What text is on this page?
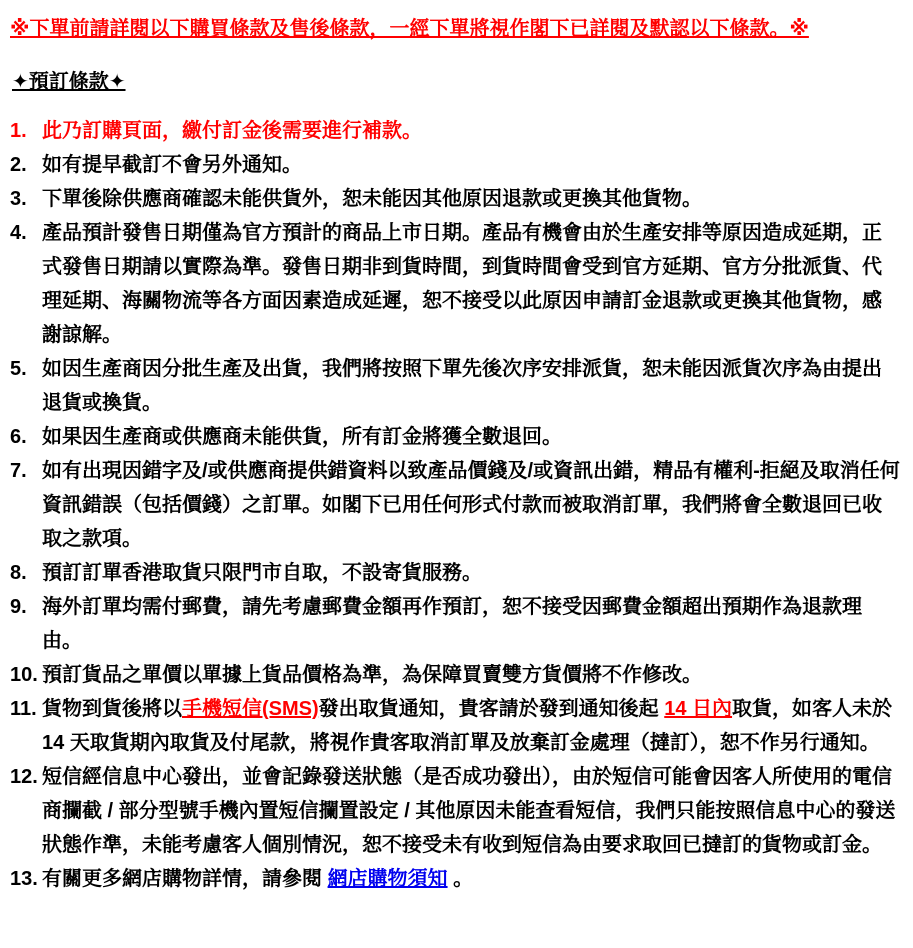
※下單前請詳閱以下購買條款及售後條款，一經下單將視作閣下已詳閱及默認以下條款。※
✦預訂條款✦
1. 此乃訂購頁面，繳付訂金後需要進行補款。
2. 如有提早截訂不會另外通知。
3. 下單後除供應商確認未能供貨外，恕未能因其他原因退款或更換其他貨物。
4. 產品預計發售日期僅為官方預計的商品上市日期。產品有機會由於生產安排等原因造成延期，正式發售日期請以實際為準。發售日期非到貨時間，到貨時間會受到官方延期、官方分批派貨、代理延期、海關物流等各方面因素造成延遲，恕不接受以此原因申請訂金退款或更換其他貨物，感謝諒解。
5. 如因生產商因分批生產及出貨，我們將按照下單先後次序安排派貨，恕未能因派貨次序為由提出退貨或換貨。
6. 如果因生產商或供應商未能供貨，所有訂金將獲全數退回。
7. 如有出現因錯字及/或供應商提供錯資料以致產品價錢及/或資訊出錯，精品有權利-拒絕及取消任何資訊錯誤（包括價錢）之訂單。如閣下已用任何形式付款而被取消訂單，我們將會全數退回已收取之款項。
8. 預訂訂單香港取貨只限門市自取，不設寄貨服務。
9. 海外訂單均需付郵費，請先考慮郵費金額再作預訂，恕不接受因郵費金額超出預期作為退款理由。
10. 預訂貨品之單價以單據上貨品價格為準，為保障買賣雙方貨價將不作修改。
11. 貨物到貨後將以手機短信(SMS)發出取貨通知，貴客請於發到通知後起 14 日內取貨，如客人未於 14 天取貨期內取貨及付尾款，將視作貴客取消訂單及放棄訂金處理（撻訂），恕不作另行通知。
12. 短信經信息中心發出，並會記錄發送狀態（是否成功發出），由於短信可能會因客人所使用的電信商攔截 / 部分型號手機內置短信攔置設定 / 其他原因未能查看短信，我們只能按照信息中心的發送狀態作準，未能考慮客人個別情況，恕不接受未有收到短信為由要求取回已撻訂的貨物或訂金。
13. 有關更多網店購物詳情，請參閱 網店購物須知 。
